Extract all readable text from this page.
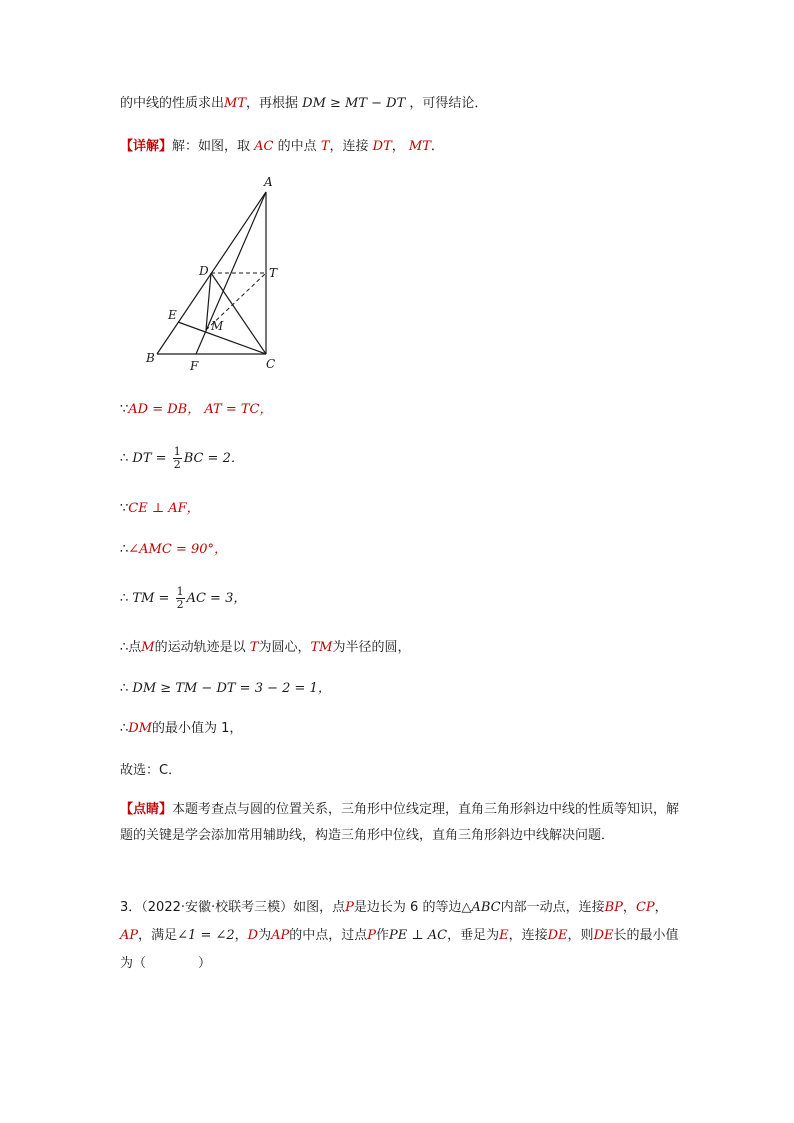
的中线的性质求出MT，再根据 DM ≥ MT − DT ，可得结论．
【详解】解：如图，取 AC 的中点 T，连接 DT， MT．
A
B	C
D
E
F
M
T
∵AD = DB， AT = TC，
∴ DT = $\frac{1}{2}$ BC = 2．
∵CE ⊥ AF，
∴∠AMC = 90°，
∴ TM = $\frac{1}{2}$ AC = 3，
∴点M的运动轨迹是以 T为圆心，TM为半径的圆，
∴ DM ≥ TM − DT = 3 − 2 = 1，
∴DM的最小值为 1，
故选：C．
【点睛】本题考查点与圆的位置关系，三角形中位线定理，直角三角形斜边中线的性质等知识，解题的关键是学会添加常用辅助线，构造三角形中位线，直角三角形斜边中线解决问题．
3．（2022·安徽·校联考三模）如图，点P是边长为 6 的等边△ABC内部一动点，连接BP，CP，AP，满足∠1 = ∠2，D为AP的中点，过点P作PE ⊥ AC，垂足为E，连接DE，则DE长的最小值为（　　　　）
